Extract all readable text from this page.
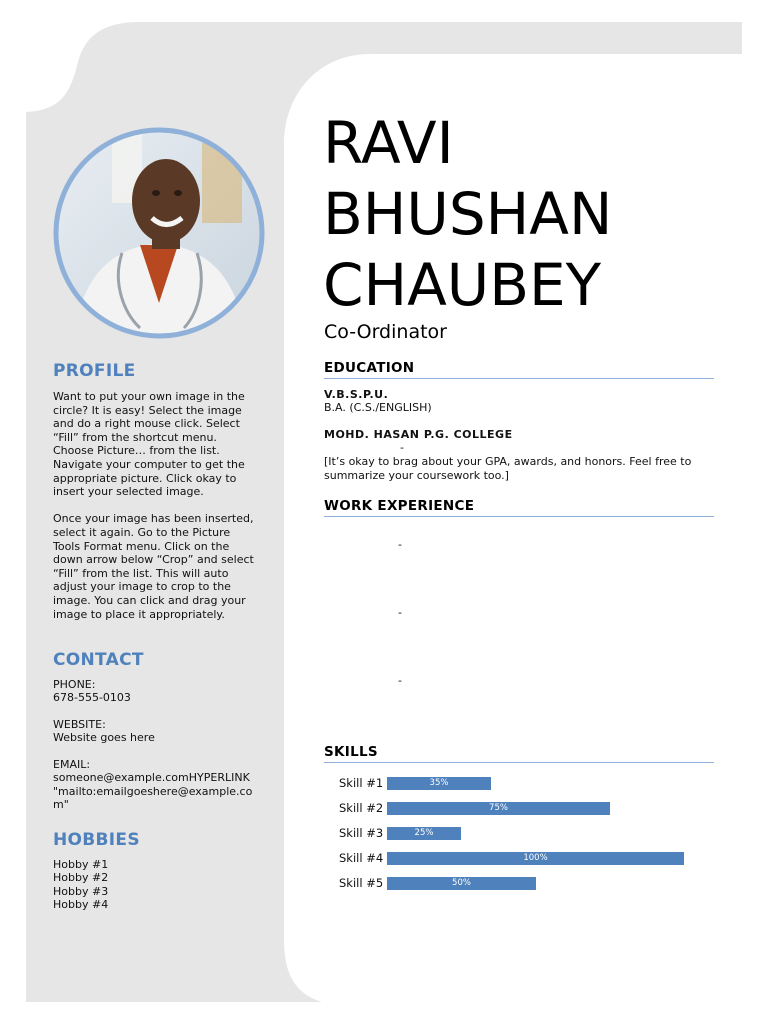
PROFILE
Want to put your own image in the
circle? It is easy! Select the image
and do a right mouse click. Select
“Fill” from the shortcut menu.
Choose Picture… from the list.
Navigate your computer to get the
appropriate picture. Click okay to
insert your selected image.

Once your image has been inserted,
select it again. Go to the Picture
Tools Format menu. Click on the
down arrow below “Crop” and select
“Fill” from the list. This will auto
adjust your image to crop to the
image. You can click and drag your
image to place it appropriately.
CONTACT
PHONE:
678-555-0103
WEBSITE:
Website goes here
EMAIL:
someone@example.comHYPERLINK
"mailto:emailgoeshere@example.co
m"
HOBBIES
Hobby #1
Hobby #2
Hobby #3
Hobby #4
RAVI
BHUSHAN
CHAUBEY
Co-Ordinator
EDUCATION
V.B.S.P.U.
B.A. (C.S./ENGLISH)
MOHD. HASAN P.G. COLLEGE
-
[It’s okay to brag about your GPA, awards, and honors. Feel free to summarize your coursework too.]
WORK EXPERIENCE
-
-
-
SKILLS
Skill #1	35%
Skill #2	75%
Skill #3	25%
Skill #4	100%
Skill #5	50%
